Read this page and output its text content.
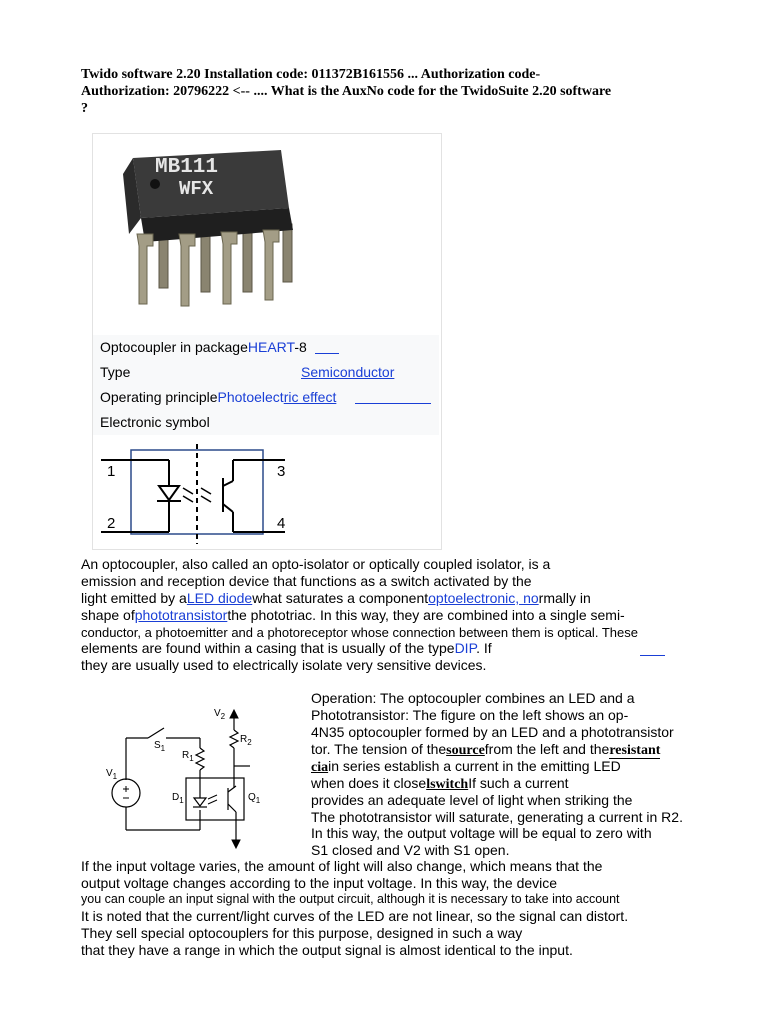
Twido software 2.20 Installation code: 011372B161556 ... Authorization code-
Authorization: 20796222 <-- .... What is the AuxNo code for the TwidoSuite 2.20 software
?
MB111
WFX
Optocoupler in packageHEART-8
Type	Semiconductor
Operating principlePhotoelectric effect
Electronic symbol
1
2
3
4
An optocoupler, also called an opto-isolator or optically coupled isolator, is a
emission and reception device that functions as a switch activated by the
light emitted by aLED diodewhat saturates a componentoptoelectronic, normally in
shape ofphototransistorthe phototriac. In this way, they are combined into a single semi-
conductor, a photoemitter and a photoreceptor whose connection between them is optical. These
elements are found within a casing that is usually of the typeDIP. If
they are usually used to electrically isolate very sensitive devices.
$V_2$
$R_2$
$S_1$
$R_1$
$V_1$
$D_1$	$Q_1$
Operation: The optocoupler combines an LED and a
Phototransistor: The figure on the left shows an op-
4N35 optocoupler formed by an LED and a phototransistor
tor. The tension of thesourcefrom the left and theresistant
ciain series establish a current in the emitting LED
when does it closelswitchIf such a current
provides an adequate level of light when striking the
The phototransistor will saturate, generating a current in R2.
In this way, the output voltage will be equal to zero with
S1 closed and V2 with S1 open.
If the input voltage varies, the amount of light will also change, which means that the
output voltage changes according to the input voltage. In this way, the device
you can couple an input signal with the output circuit, although it is necessary to take into account
It is noted that the current/light curves of the LED are not linear, so the signal can distort.
They sell special optocouplers for this purpose, designed in such a way
that they have a range in which the output signal is almost identical to the input.
